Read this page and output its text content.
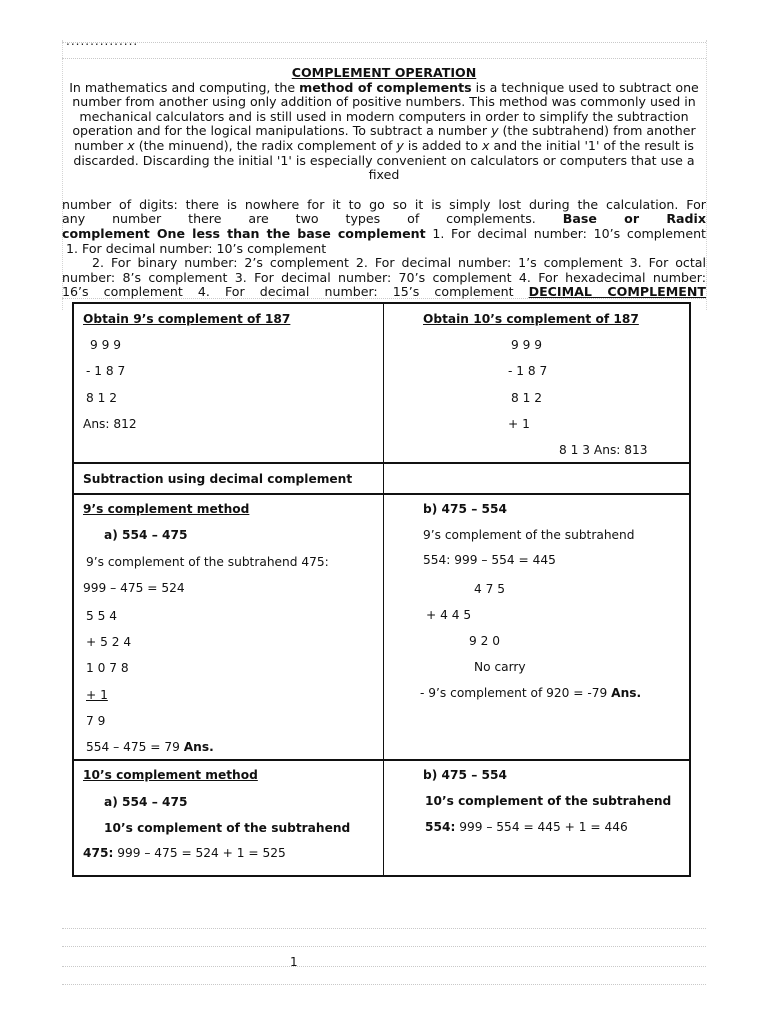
...............

COMPLEMENT OPERATION

In mathematics and computing, the method of complements is a technique used to subtract one

number from another using only addition of positive numbers. This method was commonly used in

mechanical calculators and is still used in modern computers in order to simplify the subtraction

operation and for the logical manipulations. To subtract a number y (the subtrahend) from another

number x (the minuend), the radix complement of y is added to x and the initial '1' of the result is

discarded. Discarding the initial '1' is especially convenient on calculators or computers that use a fixed

number of digits: there is nowhere for it to go so it is simply lost during the calculation. For

any number there are two types of complements. Base or Radix

complement One less than the base complement 1. For decimal number: 10’s complement

1. For decimal number: 10’s complement

2. For binary number: 2’s complement 2. For decimal number: 1’s complement 3. For octal

number: 8’s complement 3. For decimal number: 70’s complement 4. For hexadecimal number:

16’s complement 4. For decimal number: 15’s complement DECIMAL COMPLEMENT

Obtain 9’s complement of 187
9 9 9
- 1 8 7
8 1 2
Ans: 812
Obtain 10’s complement of 187
9 9 9
- 1 8 7
8 1 2
+ 1
8 1 3 Ans: 813
Subtraction using decimal complement
9’s complement method
a) 554 – 475
9’s complement of the subtrahend 475:
999 – 475 = 524
5 5 4
+ 5 2 4
1 0 7 8
+ 1
7 9
554 – 475 = 79 Ans.
b) 475 – 554
9’s complement of the subtrahend
554: 999 – 554 = 445
4 7 5
+ 4 4 5
9 2 0
No carry
- 9’s complement of 920 = -79 Ans.
10’s complement method
a) 554 – 475
10’s complement of the subtrahend
475: 999 – 475 = 524 + 1 = 525
b) 475 – 554
10’s complement of the subtrahend
554: 999 – 554 = 445 + 1 = 446
1
